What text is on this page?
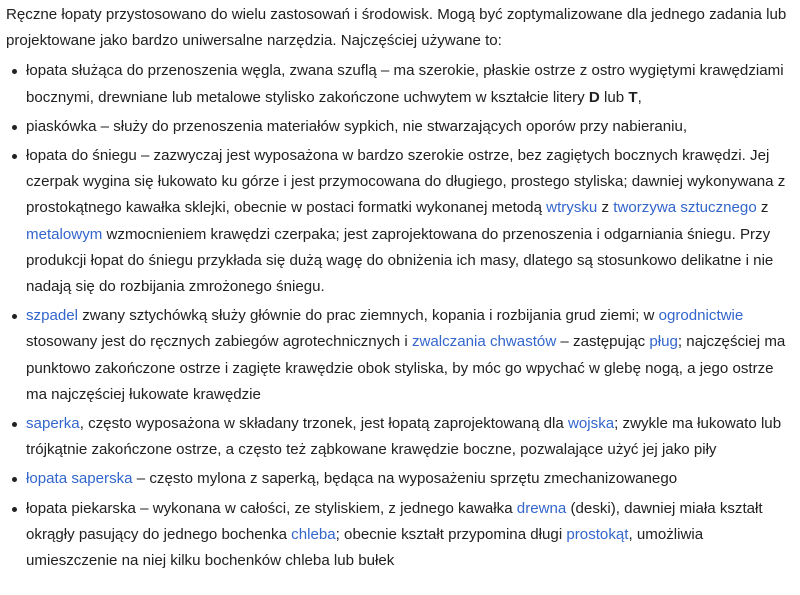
Ręczne łopaty przystosowano do wielu zastosowań i środowisk. Mogą być zoptymalizowane dla jednego zadania lub projektowane jako bardzo uniwersalne narzędzia. Najczęściej używane to:

łopata służąca do przenoszenia węgla, zwana szuflą – ma szerokie, płaskie ostrze z ostro wygiętymi krawędziami bocznymi, drewniane lub metalowe stylisko zakończone uchwytem w kształcie litery D lub T,
piaskówka – służy do przenoszenia materiałów sypkich, nie stwarzających oporów przy nabieraniu,
łopata do śniegu – zazwyczaj jest wyposażona w bardzo szerokie ostrze, bez zagiętych bocznych krawędzi. Jej czerpak wygina się łukowato ku górze i jest przymocowana do długiego, prostego styliska; dawniej wykonywana z prostokątnego kawałka sklejki, obecnie w postaci formatki wykonanej metodą wtrysku z tworzywa sztucznego z metalowym wzmocnieniem krawędzi czerpaka; jest zaprojektowana do przenoszenia i odgarniania śniegu. Przy produkcji łopat do śniegu przykłada się dużą wagę do obniżenia ich masy, dlatego są stosunkowo delikatne i nie nadają się do rozbijania zmrożonego śniegu.
szpadel zwany sztychówką służy głównie do prac ziemnych, kopania i rozbijania grud ziemi; w ogrodnictwie stosowany jest do ręcznych zabiegów agrotechnicznych i zwalczania chwastów – zastępując pług; najczęściej ma punktowo zakończone ostrze i zagięte krawędzie obok styliska, by móc go wpychać w glebę nogą, a jego ostrze ma najczęściej łukowate krawędzie
saperka, często wyposażona w składany trzonek, jest łopatą zaprojektowaną dla wojska; zwykle ma łukowato lub trójkątnie zakończone ostrze, a często też ząbkowane krawędzie boczne, pozwalające użyć jej jako piły
łopata saperska – często mylona z saperką, będąca na wyposażeniu sprzętu zmechanizowanego
łopata piekarska – wykonana w całości, ze styliskiem, z jednego kawałka drewna (deski), dawniej miała kształt okrągły pasujący do jednego bochenka chleba; obecnie kształt przypomina długi prostokąt, umożliwia umieszczenie na niej kilku bochenków chleba lub bułek
